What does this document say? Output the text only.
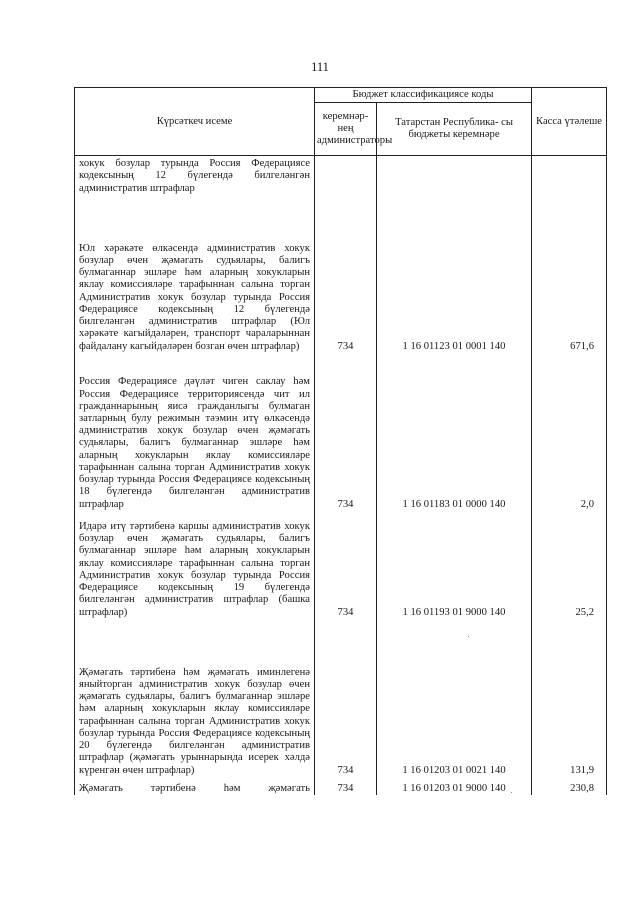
111
Күрсәткеч исеме	Бюджет классификациясе коды		Касса үтәлеше
	керемнәр- нең администраторы	Татарстан Республика- сы бюджеты керемнәре	
хокук бозулар турында Россия Федерациясе кодексының 12 бүлегендә билгеләнгән административ штрафлар			
Юл хәрәкәте өлкәсендә административ хокук бозулар өчен җәмәгать судьялары, балигъ булмаганнар эшләре һәм аларның хокукларын яклау комиссияләре тарафыннан салына торган Административ хокук бозулар турында Россия Федерациясе кодексының 12 бүлегендә билгеләнгән административ штрафлар (Юл хәрәкәте кагыйдәләрен, транспорт чараларыннан файдалану кагыйдәләрен бозган өчен штрафлар)	734	1 16 01123 01 0001 140	671,6
Россия Федерациясе дәүләт чиген саклау һәм Россия Федерациясе территориясендә чит ил гражданнарының яисә гражданлыгы булмаган затларның булу режимын тәэмин итү өлкәсендә административ хокук бозулар өчен җәмәгать судьялары, балигъ булмаганнар эшләре һәм аларның хокукларын яклау комиссияләре тарафыннан салына торган Административ хокук бозулар турында Россия Федерациясе кодексының 18 бүлегендә билгеләнгән административ штрафлар	734	1 16 01183 01 0000 140	2,0
Идарә итү тәртибенә каршы административ хокук бозулар өчен җәмәгать судьялары, балигъ булмаганнар эшләре һәм аларның хокукларын яклау комиссияләре тарафыннан салына торган Административ хокук бозулар турында Россия Федерациясе кодексының 19 бүлегендә билгеләнгән административ штрафлар (башка штрафлар)	734	1 16 01193 01 9000 140	25,2
Җәмәгать тәртибенә һәм җәмәгать иминлегенә яныйторган административ хокук бозулар өчен җәмәгать судьялары, балигъ булмаганнар эшләре һәм аларның хокукларын яклау комиссияләре тарафыннан салына торган Административ хокук бозулар турында Россия Федерациясе кодексының 20 бүлегендә билгеләнгән административ штрафлар (җәмәгать урыннарында исерек хәлдә күренгән өчен штрафлар)	734	1 16 01203 01 0021 140	131,9
Җәмәгать тәртибенә һәм җәмәгать	734	1 16 01203 01 9000 140	230,8
